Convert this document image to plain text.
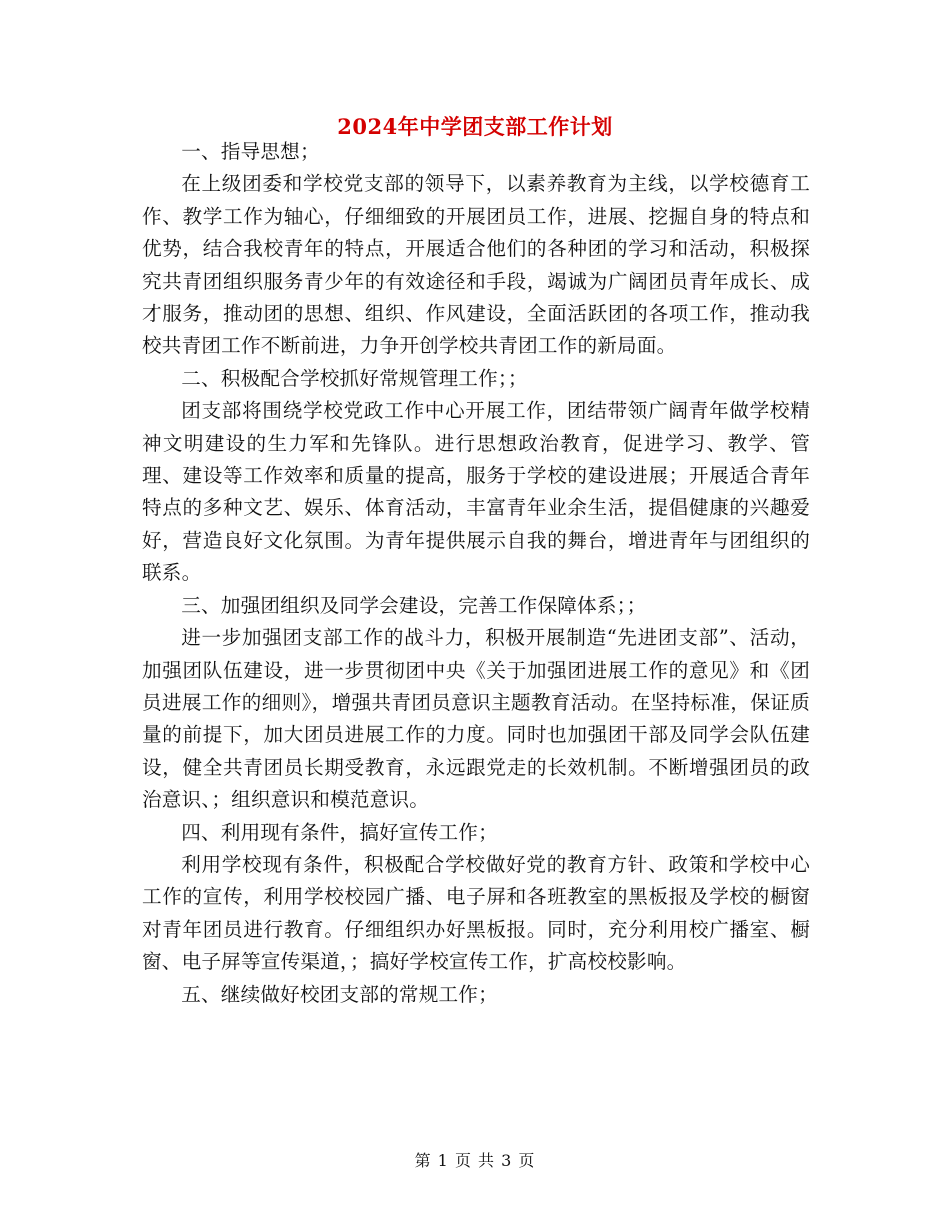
2024年中学团支部工作计划

一、指导思想；

在上级团委和学校党支部的领导下，以素养教育为主线，以学校德育工作、教学工作为轴心，仔细细致的开展团员工作，进展、挖掘自身的特点和优势，结合我校青年的特点，开展适合他们的各种团的学习和活动，积极探究共青团组织服务青少年的有效途径和手段，竭诚为广阔团员青年成长、成才服务，推动团的思想、组织、作风建设，全面活跃团的各项工作，推动我校共青团工作不断前进，力争开创学校共青团工作的新局面。

二、积极配合学校抓好常规管理工作；；

团支部将围绕学校党政工作中心开展工作，团结带领广阔青年做学校精神文明建设的生力军和先锋队。进行思想政治教育，促进学习、教学、管理、建设等工作效率和质量的提高，服务于学校的建设进展；开展适合青年特点的多种文艺、娱乐、体育活动，丰富青年业余生活，提倡健康的兴趣爱好，营造良好文化氛围。为青年提供展示自我的舞台，增进青年与团组织的联系。

三、加强团组织及同学会建设，完善工作保障体系；；

进一步加强团支部工作的战斗力，积极开展制造“先进团支部”、活动，加强团队伍建设，进一步贯彻团中央《关于加强团进展工作的意见》和《团员进展工作的细则》，增强共青团员意识主题教育活动。在坚持标准，保证质量的前提下，加大团员进展工作的力度。同时也加强团干部及同学会队伍建设，健全共青团员长期受教育，永远跟党走的长效机制。不断增强团员的政治意识、；组织意识和模范意识。

四、利用现有条件，搞好宣传工作；

利用学校现有条件，积极配合学校做好党的教育方针、政策和学校中心工作的宣传，利用学校校园广播、电子屏和各班教室的黑板报及学校的橱窗对青年团员进行教育。仔细组织办好黑板报。同时，充分利用校广播室、橱窗、电子屏等宣传渠道，；搞好学校宣传工作，扩高校校影响。

五、继续做好校团支部的常规工作；

第 1 页 共 3 页
